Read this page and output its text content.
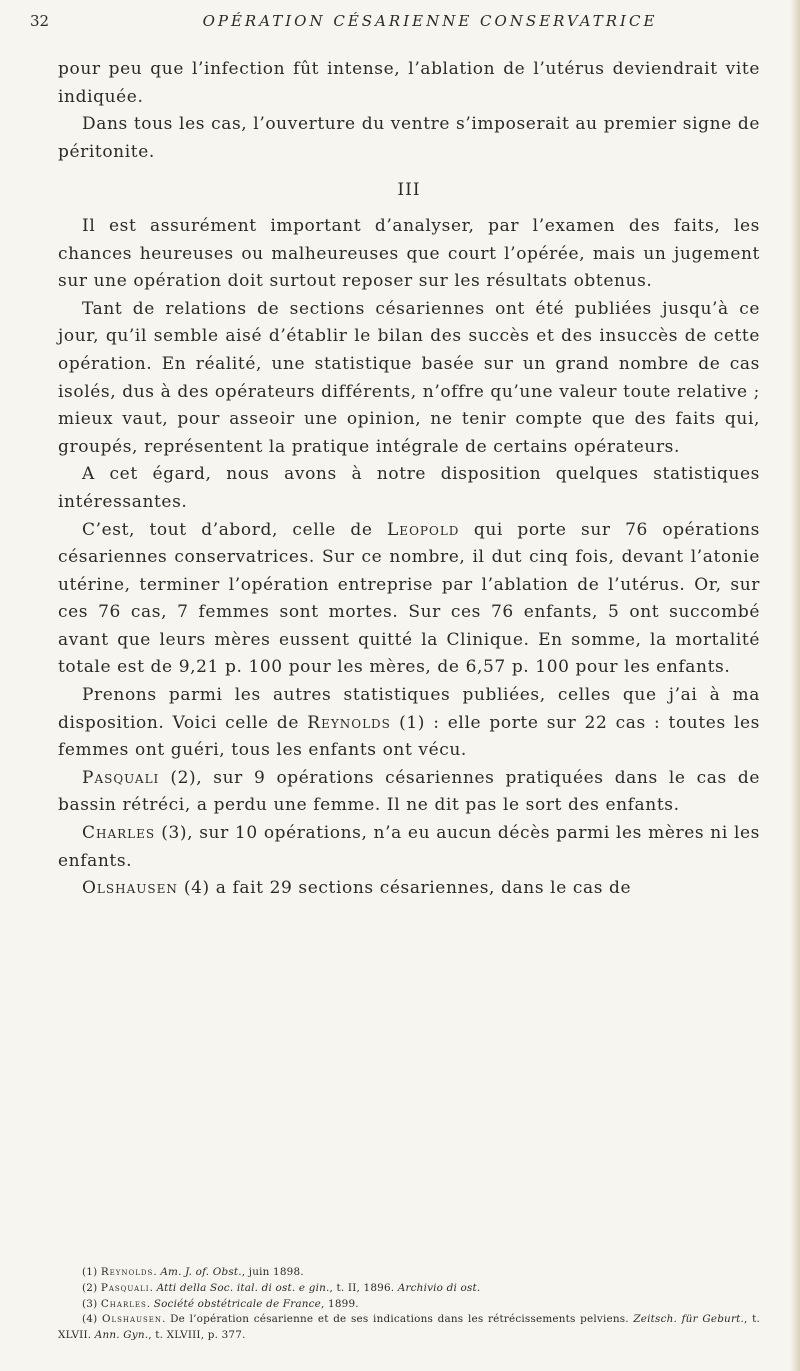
32	OPÉRATION CÉSARIENNE CONSERVATRICE

pour peu que l’infection fût intense, l’ablation de l’utérus deviendrait vite indiquée.

Dans tous les cas, l’ouverture du ventre s’imposerait au premier signe de péritonite.

III

Il est assurément important d’analyser, par l’examen des faits, les chances heureuses ou malheureuses que court l’opérée, mais un jugement sur une opération doit surtout reposer sur les résultats obtenus.

Tant de relations de sections césariennes ont été publiées jusqu’à ce jour, qu’il semble aisé d’établir le bilan des succès et des insuccès de cette opération. En réalité, une statistique basée sur un grand nombre de cas isolés, dus à des opérateurs différents, n’offre qu’une valeur toute relative ; mieux vaut, pour asseoir une opinion, ne tenir compte que des faits qui, groupés, représentent la pratique intégrale de certains opérateurs.

A cet égard, nous avons à notre disposition quelques statistiques intéressantes.

C’est, tout d’abord, celle de Leopold qui porte sur 76 opérations césariennes conservatrices. Sur ce nombre, il dut cinq fois, devant l’atonie utérine, terminer l’opération entreprise par l’ablation de l’utérus. Or, sur ces 76 cas, 7 femmes sont mortes. Sur ces 76 enfants, 5 ont succombé avant que leurs mères eussent quitté la Clinique. En somme, la mortalité totale est de 9,21 p. 100 pour les mères, de 6,57 p. 100 pour les enfants.

Prenons parmi les autres statistiques publiées, celles que j’ai à ma disposition. Voici celle de Reynolds (1) : elle porte sur 22 cas : toutes les femmes ont guéri, tous les enfants ont vécu.

Pasquali (2), sur 9 opérations césariennes pratiquées dans le cas de bassin rétréci, a perdu une femme. Il ne dit pas le sort des enfants.

Charles (3), sur 10 opérations, n’a eu aucun décès parmi les mères ni les enfants.

Olshausen (4) a fait 29 sections césariennes, dans le cas de

(1) Reynolds. Am. J. of. Obst., juin 1898.

(2) Pasquali. Atti della Soc. ital. di ost. e gin., t. II, 1896. Archivio di ost.

(3) Charles. Société obstétricale de France, 1899.

(4) Olshausen. De l’opération césarienne et de ses indications dans les rétrécissements pelviens. Zeitsch. für Geburt., t. XLVII. Ann. Gyn., t. XLVIII, p. 377.
